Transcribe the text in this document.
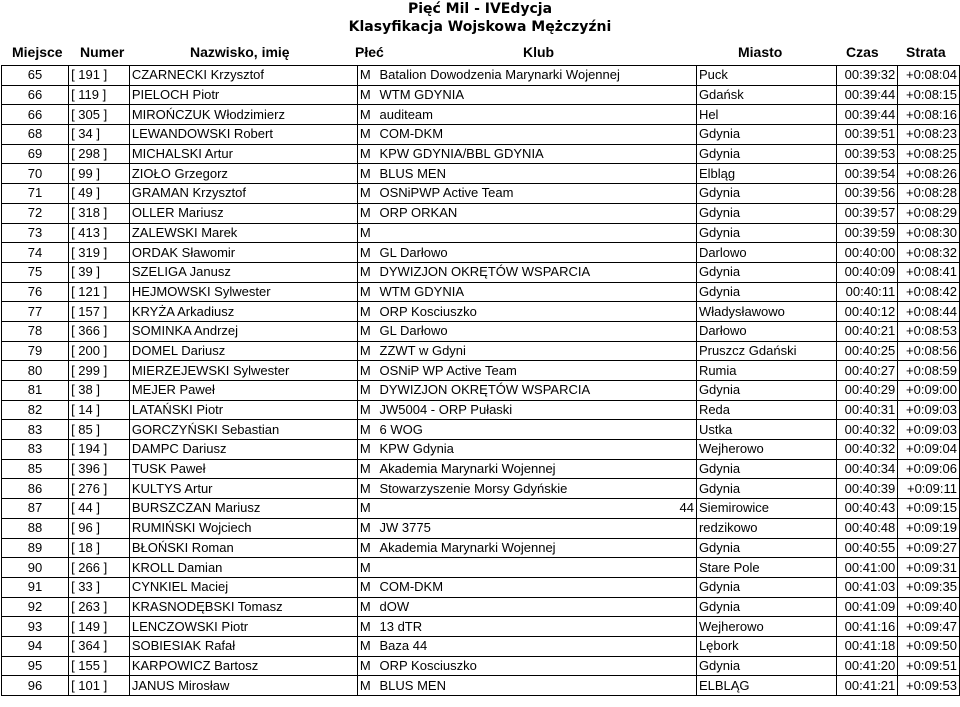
Pięć Mil - IVEdycja
Klasyfikacja Wojskowa Mężczyźni
Miejsce Numer	Nazwisko, imię	Płeć	Klub	Miasto	Czas Strata
65	[ 191 ]	CZARNECKI Krzysztof	M	Batalion Dowodzenia Marynarki Wojennej	Puck	00:39:32	+0:08:04
66	[ 119 ]	PIELOCH Piotr	M	WTM GDYNIA	Gdańsk	00:39:44	+0:08:15
66	[ 305 ]	MIROŃCZUK Włodzimierz	M	auditeam	Hel	00:39:44	+0:08:16
68	[ 34 ]	LEWANDOWSKI Robert	M	COM-DKM	Gdynia	00:39:51	+0:08:23
69	[ 298 ]	MICHALSKI Artur	M	KPW GDYNIA/BBL GDYNIA	Gdynia	00:39:53	+0:08:25
70	[ 99 ]	ZIOŁO Grzegorz	M	BLUS MEN	Elbląg	00:39:54	+0:08:26
71	[ 49 ]	GRAMAN Krzysztof	M	OSNiPWP Active Team	Gdynia	00:39:56	+0:08:28
72	[ 318 ]	OLLER Mariusz	M	ORP ORKAN	Gdynia	00:39:57	+0:08:29
73	[ 413 ]	ZALEWSKI Marek	M		Gdynia	00:39:59	+0:08:30
74	[ 319 ]	ORDAK Sławomir	M	GL Darłowo	Darlowo	00:40:00	+0:08:32
75	[ 39 ]	SZELIGA Janusz	M	DYWIZJON OKRĘTÓW WSPARCIA	Gdynia	00:40:09	+0:08:41
76	[ 121 ]	HEJMOWSKI Sylwester	M	WTM GDYNIA	Gdynia	00:40:11	+0:08:42
77	[ 157 ]	KRYŻA Arkadiusz	M	ORP Kosciuszko	Władysławowo	00:40:12	+0:08:44
78	[ 366 ]	SOMINKA Andrzej	M	GL Darłowo	Darłowo	00:40:21	+0:08:53
79	[ 200 ]	DOMEL Dariusz	M	ZZWT w Gdyni	Pruszcz Gdański	00:40:25	+0:08:56
80	[ 299 ]	MIERZEJEWSKI Sylwester	M	OSNiP WP Active Team	Rumia	00:40:27	+0:08:59
81	[ 38 ]	MEJER Paweł	M	DYWIZJON OKRĘTÓW WSPARCIA	Gdynia	00:40:29	+0:09:00
82	[ 14 ]	LATAŃSKI Piotr	M	JW5004 - ORP Pułaski	Reda	00:40:31	+0:09:03
83	[ 85 ]	GORCZYŃSKI Sebastian	M	6 WOG	Ustka	00:40:32	+0:09:03
83	[ 194 ]	DAMPC Dariusz	M	KPW Gdynia	Wejherowo	00:40:32	+0:09:04
85	[ 396 ]	TUSK Paweł	M	Akademia Marynarki Wojennej	Gdynia	00:40:34	+0:09:06
86	[ 276 ]	KULTYS Artur	M	Stowarzyszenie Morsy Gdyńskie	Gdynia	00:40:39	+0:09:11
87	[ 44 ]	BURSZCZAN Mariusz	M	44	Siemirowice	00:40:43	+0:09:15
88	[ 96 ]	RUMIŃSKI Wojciech	M	JW 3775	redzikowo	00:40:48	+0:09:19
89	[ 18 ]	BŁOŃSKI Roman	M	Akademia Marynarki Wojennej	Gdynia	00:40:55	+0:09:27
90	[ 266 ]	KROLL Damian	M		Stare Pole	00:41:00	+0:09:31
91	[ 33 ]	CYNKIEL Maciej	M	COM-DKM	Gdynia	00:41:03	+0:09:35
92	[ 263 ]	KRASNODĘBSKI Tomasz	M	dOW	Gdynia	00:41:09	+0:09:40
93	[ 149 ]	LENCZOWSKI Piotr	M	13 dTR	Wejherowo	00:41:16	+0:09:47
94	[ 364 ]	SOBIESIAK Rafał	M	Baza 44	Lębork	00:41:18	+0:09:50
95	[ 155 ]	KARPOWICZ Bartosz	M	ORP Kosciuszko	Gdynia	00:41:20	+0:09:51
96	[ 101 ]	JANUS Mirosław	M	BLUS MEN	ELBLĄG	00:41:21	+0:09:53
